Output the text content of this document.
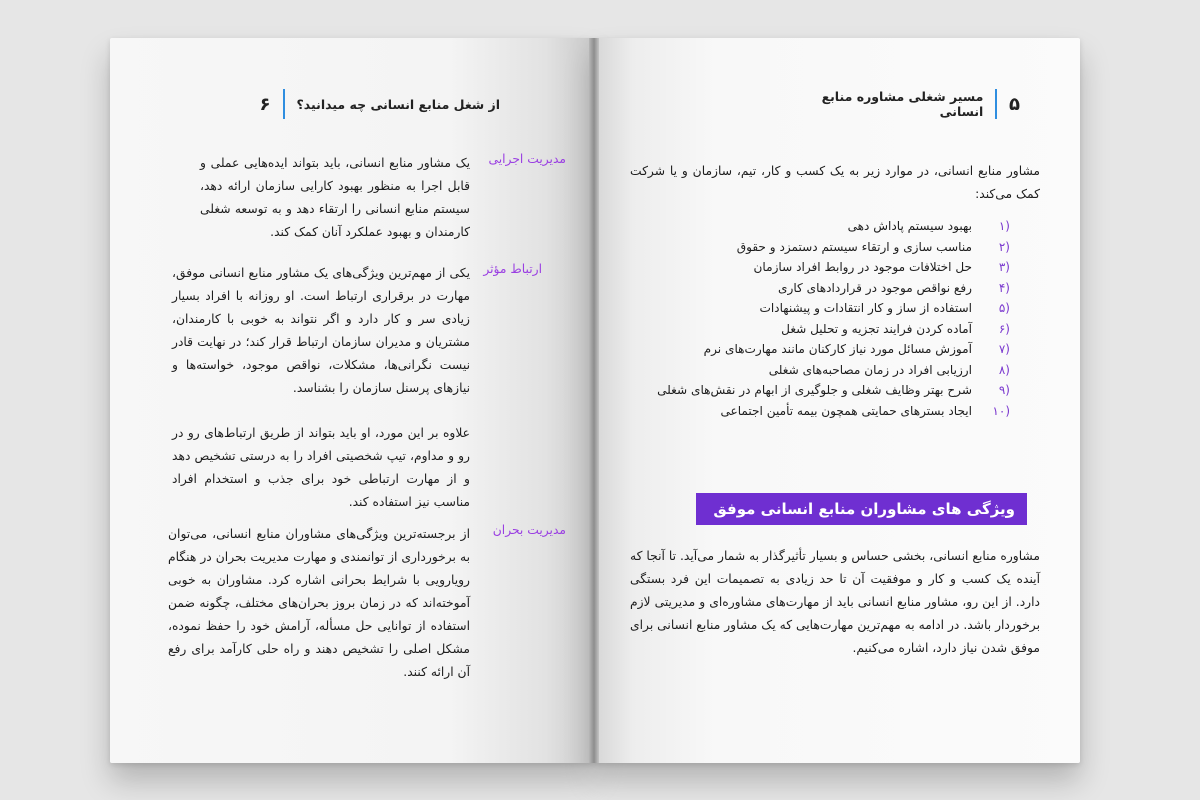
از شغل منابع انسانی چه میدانید؟
۶	۵
مسیر شغلی مشاوره منابع انسانی
مدیریت اجرایی
یک مشاور منابع انسانی، باید بتواند ایده‌هایی عملی و قابل اجرا به منظور بهبود کارایی سازمان ارائه دهد، سیستم منابع انسانی را ارتقاء دهد و به توسعه شغلی کارمندان و بهبود عملکرد آنان کمک کند.
ارتباط مؤثر
یکی از مهم‌ترین ویژگی‌های یک مشاور منابع انسانی موفق، مهارت در برقراری ارتباط است. او روزانه با افراد بسیار زیادی سر و کار دارد و اگر نتواند به خوبی با کارمندان، مشتریان و مدیران سازمان ارتباط قرار کند؛ در نهایت قادر نیست نگرانی‌ها، مشکلات، نواقص موجود، خواسته‌ها و نیازهای پرسنل سازمان را بشناسد.
علاوه بر این مورد، او باید بتواند از طریق ارتباط‌های رو در رو و مداوم، تیپ شخصیتی افراد را به درستی تشخیص دهد و از مهارت ارتباطی خود برای جذب و استخدام افراد مناسب نیز استفاده کند.
مدیریت بحران
از برجسته‌ترین ویژگی‌های مشاوران منابع انسانی، می‌توان به برخورداری از توانمندی و مهارت مدیریت بحران در هنگام رویارویی با شرایط بحرانی اشاره کرد. مشاوران به خوبی آموخته‌اند که در زمان بروز بحران‌های مختلف، چگونه ضمن استفاده از توانایی حل مسأله، آرامش خود را حفظ نموده، مشکل اصلی را تشخیص دهند و راه حلی کارآمد برای رفع آن ارائه کنند.
مشاور منابع انسانی، در موارد زیر به یک کسب و کار، تیم، سازمان و یا شرکت کمک می‌کند:
۱)
بهبود سیستم پاداش دهی
۲)
مناسب سازی و ارتقاء سیستم دستمزد و حقوق
۳)
حل اختلافات موجود در روابط افراد سازمان
۴)
رفع نواقص موجود در قراردادهای کاری
۵)
استفاده از ساز و کار انتقادات و پیشنهادات
۶)
آماده کردن فرایند تجزیه و تحلیل شغل
۷)
آموزش مسائل مورد نیاز کارکنان مانند مهارت‌های نرم
۸)
ارزیابی افراد در زمان مصاحبه‌های شغلی
۹)
شرح بهتر وظایف شغلی و جلوگیری از ابهام در نقش‌های شغلی
۱۰)
ایجاد بسترهای حمایتی همچون بیمه تأمین اجتماعی
ویژگی های مشاوران منابع انسانی موفق
مشاوره منابع انسانی، بخشی حساس و بسیار تأثیرگذار به شمار می‌آید. تا آنجا که آینده یک کسب و کار و موفقیت آن تا حد زیادی به تصمیمات این فرد بستگی دارد. از این رو، مشاور منابع انسانی باید از مهارت‌های مشاوره‌ای و مدیریتی لازم برخوردار باشد. در ادامه به مهم‌ترین مهارت‌هایی که یک مشاور منابع انسانی برای موفق شدن نیاز دارد، اشاره می‌کنیم.
